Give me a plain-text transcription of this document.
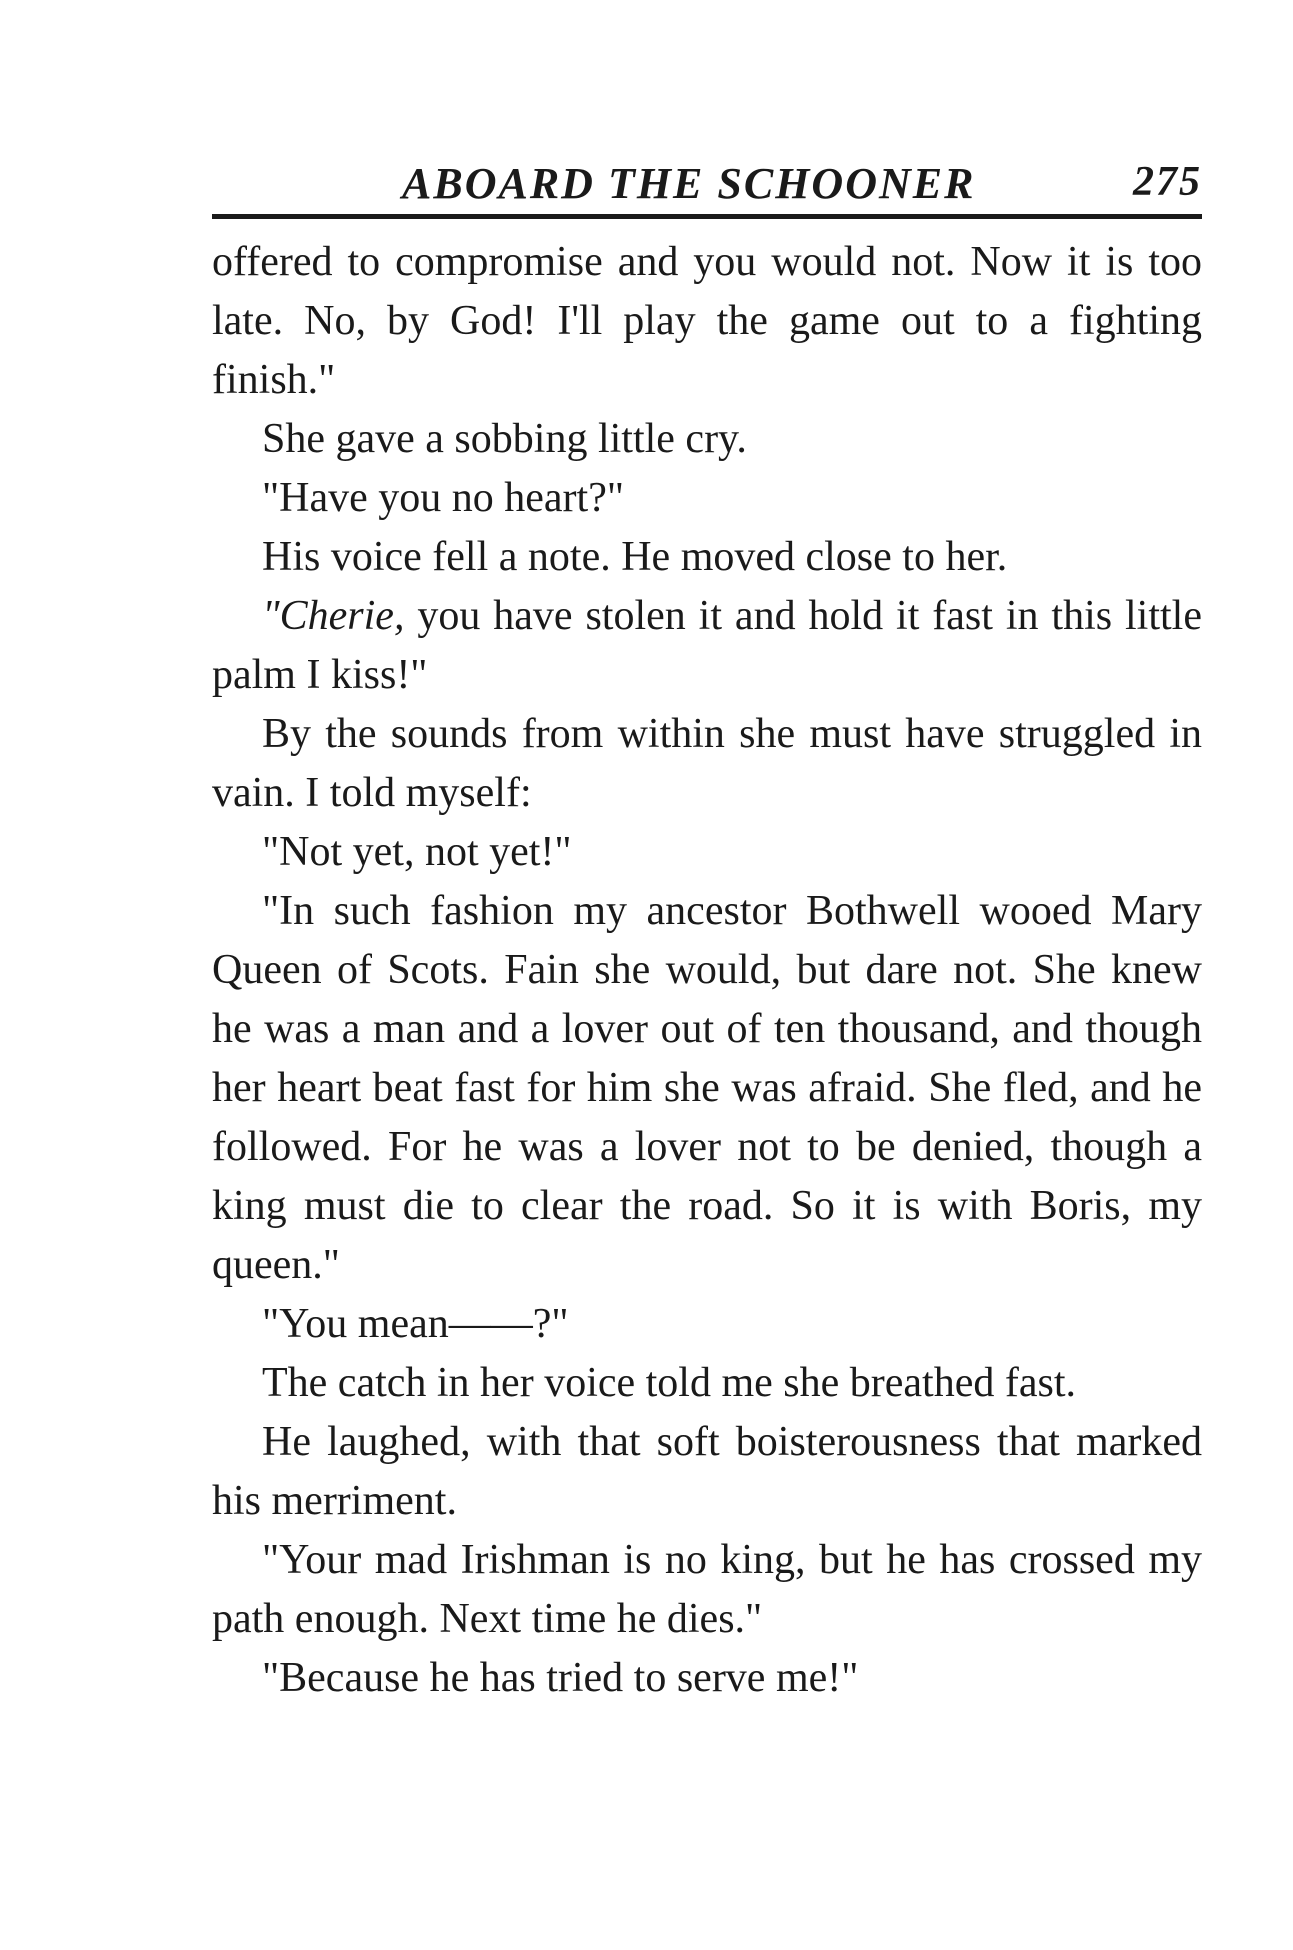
ABOARD THE SCHOONER	275

offered to compromise and you would not. Now it is too late. No, by God! I'll play the game out to a fighting finish."

She gave a sobbing little cry.

"Have you no heart?"

His voice fell a note. He moved close to her.

"Cherie, you have stolen it and hold it fast in this little palm I kiss!"

By the sounds from within she must have struggled in vain. I told myself:

"Not yet, not yet!"

"In such fashion my ancestor Bothwell wooed Mary Queen of Scots. Fain she would, but dare not. She knew he was a man and a lover out of ten thousand, and though her heart beat fast for him she was afraid. She fled, and he followed. For he was a lover not to be denied, though a king must die to clear the road. So it is with Boris, my queen."

"You mean——?"

The catch in her voice told me she breathed fast.

He laughed, with that soft boisterousness that marked his merriment.

"Your mad Irishman is no king, but he has crossed my path enough. Next time he dies."

"Because he has tried to serve me!"
